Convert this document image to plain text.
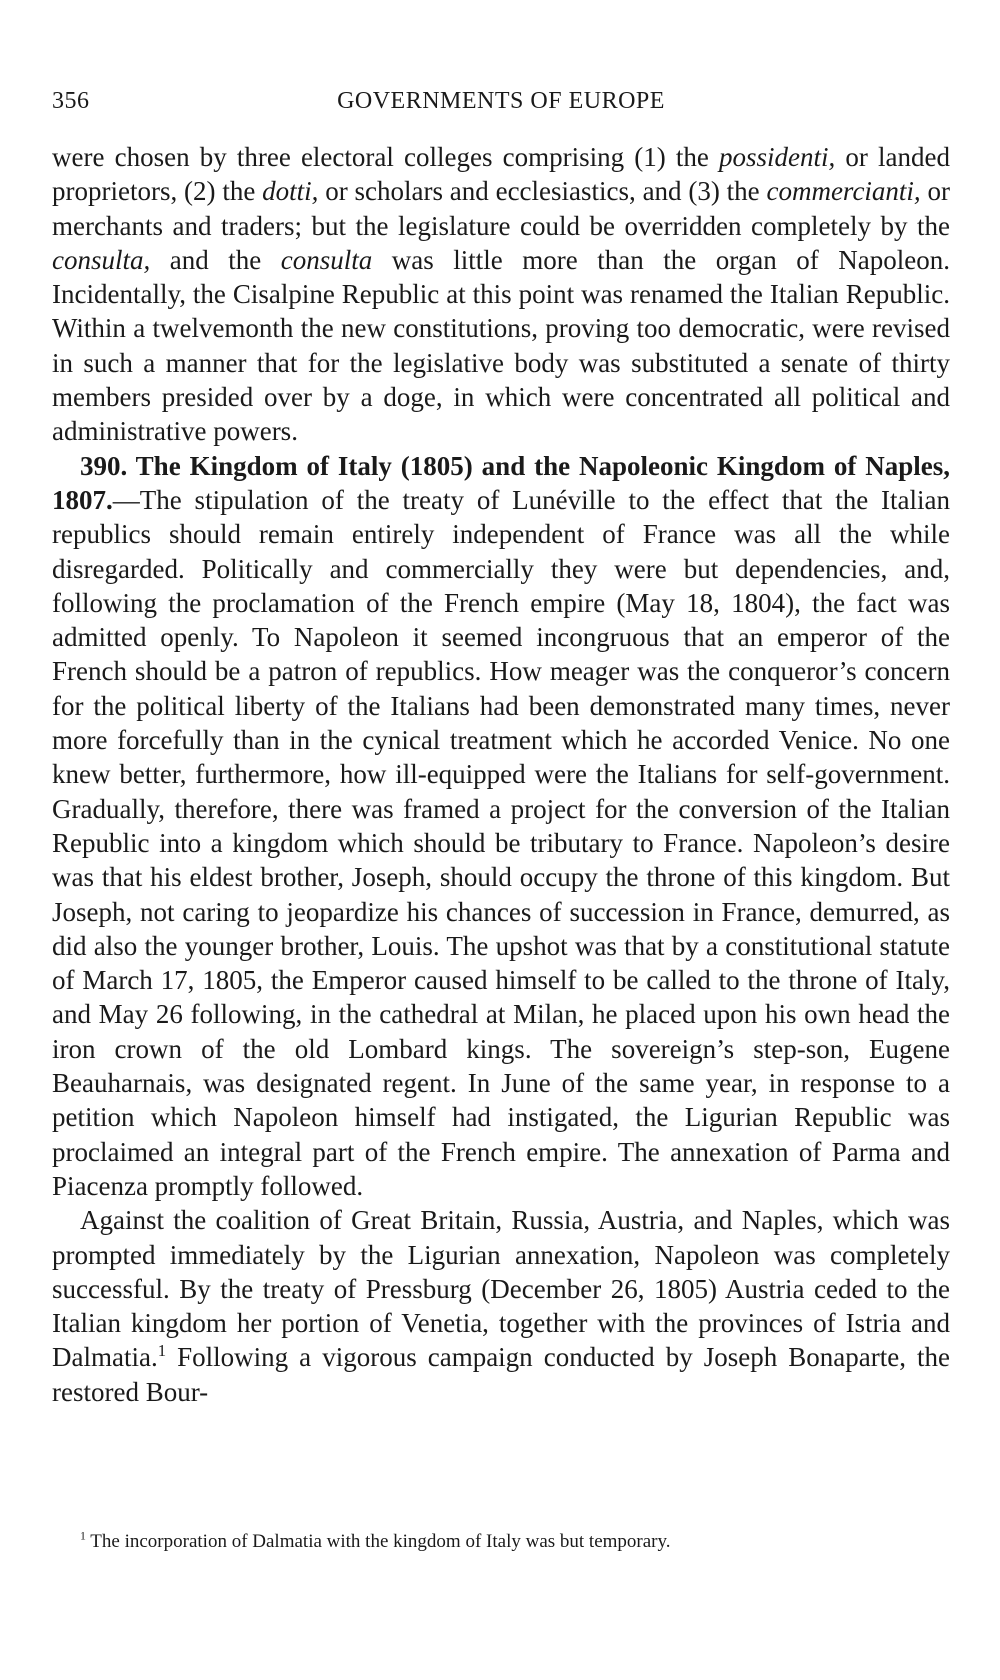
356	GOVERNMENTS OF EUROPE

were chosen by three electoral colleges comprising (1) the possidenti, or landed proprietors, (2) the dotti, or scholars and ecclesiastics, and (3) the commercianti, or merchants and traders; but the legislature could be overridden completely by the consulta, and the consulta was little more than the organ of Napoleon. Incidentally, the Cisalpine Republic at this point was renamed the Italian Republic. Within a twelvemonth the new constitutions, proving too democratic, were revised in such a manner that for the legislative body was substituted a senate of thirty members presided over by a doge, in which were concentrated all political and administrative powers.

390. The Kingdom of Italy (1805) and the Napoleonic Kingdom of Naples, 1807.—The stipulation of the treaty of Lunéville to the effect that the Italian republics should remain entirely independent of France was all the while disregarded. Politically and commercially they were but dependencies, and, following the proclamation of the French empire (May 18, 1804), the fact was admitted openly. To Napoleon it seemed incongruous that an emperor of the French should be a patron of republics. How meager was the conqueror’s concern for the political liberty of the Italians had been demonstrated many times, never more forcefully than in the cynical treatment which he accorded Venice. No one knew better, furthermore, how ill-equipped were the Italians for self-government. Gradually, therefore, there was framed a project for the conversion of the Italian Republic into a kingdom which should be tributary to France. Napoleon’s desire was that his eldest brother, Joseph, should occupy the throne of this kingdom. But Joseph, not caring to jeopardize his chances of succession in France, demurred, as did also the younger brother, Louis. The upshot was that by a constitutional statute of March 17, 1805, the Emperor caused himself to be called to the throne of Italy, and May 26 following, in the cathedral at Milan, he placed upon his own head the iron crown of the old Lombard kings. The sovereign’s step-son, Eugene Beauharnais, was designated regent. In June of the same year, in response to a petition which Napoleon himself had instigated, the Ligurian Republic was proclaimed an integral part of the French empire. The annexation of Parma and Piacenza promptly followed.

Against the coalition of Great Britain, Russia, Austria, and Naples, which was prompted immediately by the Ligurian annexation, Napoleon was completely successful. By the treaty of Pressburg (December 26, 1805) Austria ceded to the Italian kingdom her portion of Venetia, together with the provinces of Istria and Dalmatia.$^1$ Following a vigorous campaign conducted by Joseph Bonaparte, the restored Bour-

$^1$ The incorporation of Dalmatia with the kingdom of Italy was but temporary.
